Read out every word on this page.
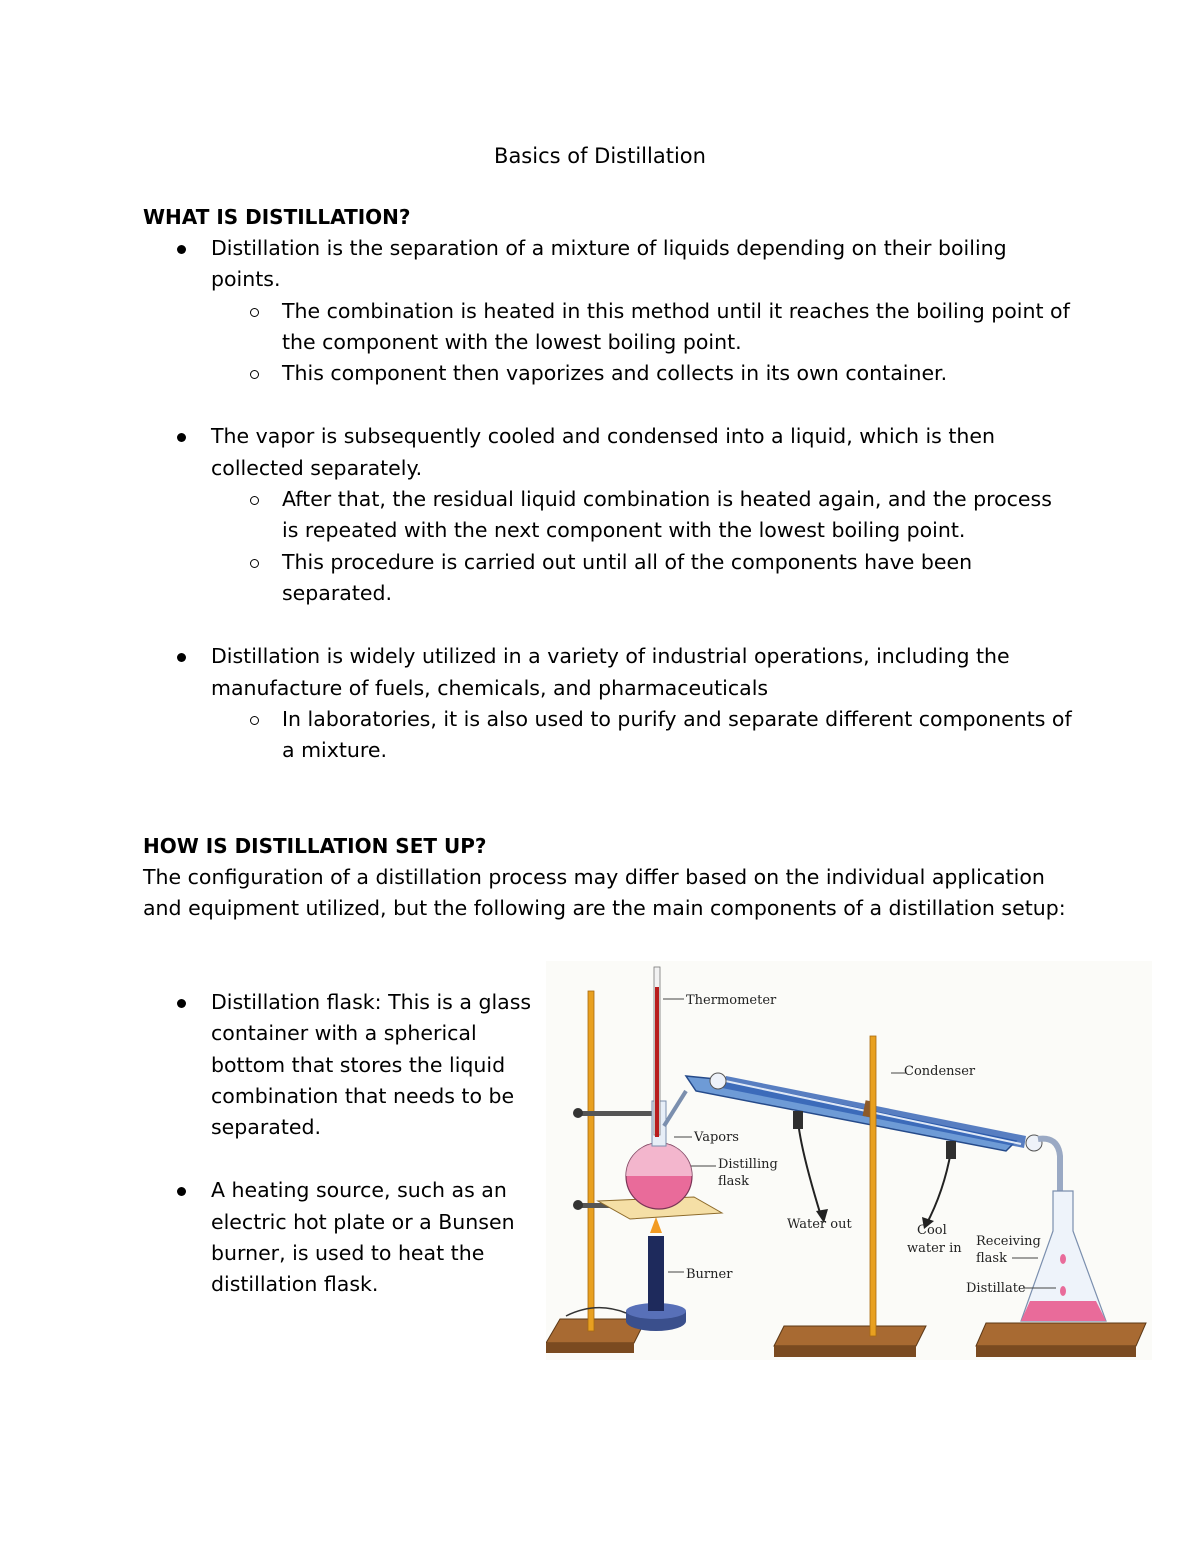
Basics of Distillation
WHAT IS DISTILLATION?
Distillation is the separation of a mixture of liquids depending on their boiling points.
The combination is heated in this method until it reaches the boiling point of the component with the lowest boiling point.
This component then vaporizes and collects in its own container.
The vapor is subsequently cooled and condensed into a liquid, which is then collected separately.
After that, the residual liquid combination is heated again, and the process is repeated with the next component with the lowest boiling point.
This procedure is carried out until all of the components have been separated.
Distillation is widely utilized in a variety of industrial operations, including the manufacture of fuels, chemicals, and pharmaceuticals
In laboratories, it is also used to purify and separate different components of a mixture.
HOW IS DISTILLATION SET UP?
The configuration of a distillation process may differ based on the individual application and equipment utilized, but the following are the main components of a distillation setup:
Distillation flask: This is a glass container with a spherical bottom that stores the liquid combination that needs to be separated.
A heating source, such as an electric hot plate or a Bunsen burner, is used to heat the distillation flask.
Thermometer
Condenser
Vapors
Distilling
flask
Water out	Cool
water in Receiving
flask
Burner
Distillate
